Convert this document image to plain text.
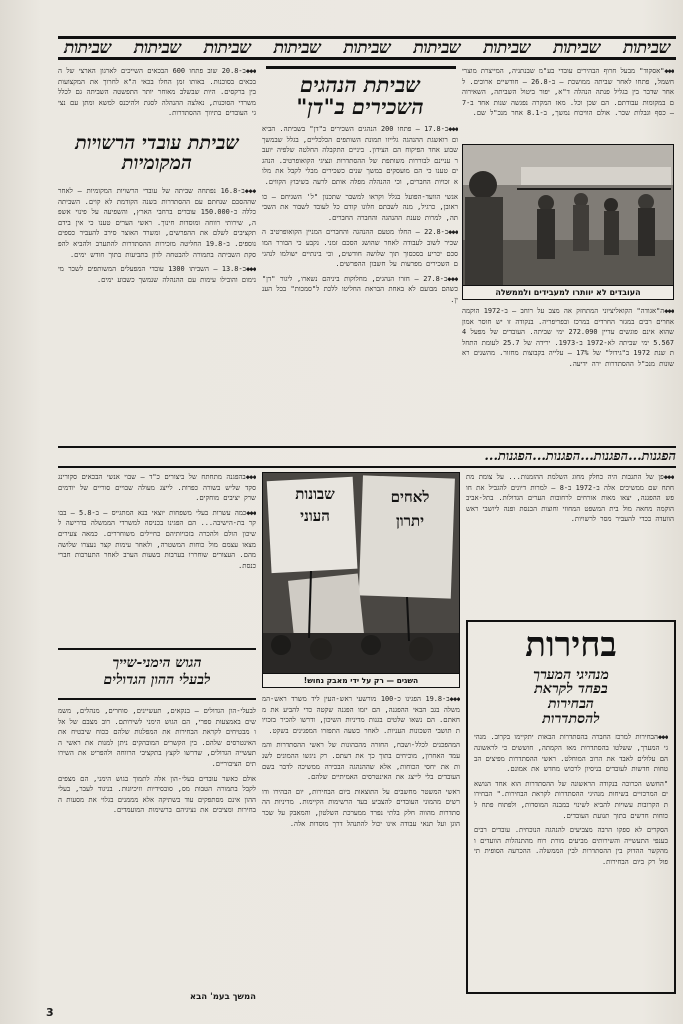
שביתות
שביתות
שביתות
שביתות
שביתות
שביתות
שביתות
שביתות
שביתות

◆◆◆"אסקוד" מבעל חרוף הבהירים עובדי בע"מ שבנתניה, המייצרת מוצרי חשמל, פתחו לאחר שביתה ממושכת — ב-26.8 — חודשיים ארוכים. לאחר שדבר בין בגליל פנתה הנהלה ד"א, יפור ביטול השביתה, השאירוהם במקומות עבודתם. הם שכן וכל. מאז המקרה נפגשה שנות אחד ב-7 — כסף וגבלות שכר. אולם הוויכוח נמשך, ב-8.1 אחר מנכ"ל שם.

העובדים לא יוותרו למעבידים ולממשלה

◆◆◆ה"אגודה" הקואליציוני המתחזק אה מצב על רוחב — ב-1972 הוקמה אחרים רבים במגזר החרדים במרכז ובפריפריה. בנקודה זו יש חוסר אמון שהוא אינם פוגשים עדיין 272.090 ימי שביתה. העובדים של מפעל 45.567 ימי שביתה לא-1972 ב-1973. ירידה של 25.7 לעומת התחלת שנת 1972 ב"גידול" של 17% — עלייה בקבוצות מחזור. מהשנים ראשונות מנכ"ל ההסתדרות ירה ידיעה.

שביתת הנהגים השכירים ב"דן"

◆◆◆ב-17.8 — פתחו 200 הנהגים השכירים ב"דן" בשביתה. הביאום רואשגת ההנהגה גלייזו תמונת השותפים הכלכליים, בגלל שבמשך שבוע אחד הפיקוח הם הצידון. ביניים התקבלה החלטה שלפיה יועבר עניינם לבוררות משותפת של ההסתדרות ונציגי הקואופרטיב. הנהגים טענו כי הם מועסקים במשך שנים כשכירים מבלי לקבל את מלוא זכויות החברים, וכי ההנהלה מפלה אותם לרעה בשיבוץ הקווים.

אנשי הוועד-הפועל בגלל וקראו למשבר שתכנון "ל' השגיחם — כו ראובן, כרגיל, מנה לשבתם חלונו קודם כל לעובד לשבור את השביתה, למרות טענת ההנהגה והחברה החברים.

◆◆◆ב-22.8 — החלו מטעם ההנהגה והחברים המניין הקואופרטיב השכיר לשוב לעבודה לאחר שהושג הסכם זמני. נקבע כי הבורר המוסכם יכריע בסכסוך תוך שלושה חודשים, וכי בינתיים ישולמו לנהגים השכירים מפרעות על חשבון ההפרשים.

◆◆◆ב-27.8 — חזרו הנהגים, מחלוקות ביניהם נשארו, ליגור "דן" כשהם מבועם לא באחת הבראת החליטו ללכת ל"סמכות" בכל הענין.

◆◆◆ב-20.8 שוב פתחו 600 הבכאים השייכים לארגון הארצי של הבכאים בסוכנות. באותו זמן החלו בכאי ה"א לחרוך את המקצועות בין ברקסים. היות שבשלב מאוחר יותר התפשטה השביתה גם לכלל משרדי הסוכנות, נאלצה ההנהלה לסגת ולהיכנס למשא ומתן עם נציגי העובדים בתיווך ההסתדרות.

שביתת עובדי הרשויות המקומיות

◆◆◆ב-16.8 נפתחה שביתה של עובדי הרשויות המקומיות — לאחר שההסכם שנחתם עם ההסתדרות בשנה הקודמת לא קוים. השביתה כללה כ-150.000 עובדים ברחבי הארץ, והשפיעה על פינוי אשפה, שירותי רווחה ומוסדות חינוך. ראשי הערים טענו כי אין בידם תקציבים לשלם את ההפרשים, ומשרד האוצר סירב להעביר כספים נוספים. ב-19.8 החליטה מזכירות ההסתדרות להתערב ולהביא להפסקת השביתה בתמורה להבטחה לדון בתביעות בתוך חודש ימים.

◆◆◆ב-13.8 — השביתו 1300 עובדי המפעלים המשותפים לשכר מינימום והובילו עימות עם ההנהלה שנמשך כשבוע ימים.

הפגנות...הפגנות...הפגנות...הפגנות...

◆◆◆פן של התגבות היה כחלק מחוג השלמת ההזמנות... על צומת מתחתח שם ממשיכים אלה ב-1972 ב-8 — למרות דיונים להגביל את חופש ההפגנה, יצאו מאות אזרחים לרחובות הערים הגדולות. בתל-אביב הוקמה מחאה מול בית המשפט המחוזי וחוצות הכנסת ופנה ליושבי ראש הוועדה בכדי להעביר מסר לרשויות.

◆◆◆בהפגנה מתחתח של ביצורים כ"ד — שבוי אנשי הבכאים סקורינג סקד שליש בשורה כפרות. לייצג מעולה שבויים סוריים של יודמים שרק יציבים מוחקים.

◆◆◆כמה עשרות בעלי משפחות יוצאי בנא המתגייס — ב-5.8 — בבוקר בת-הישיבה... הם הפגינו בכניסה למשרדי הממשלה בדרישה לשיכון הולם ולהכרה בזכויותיהם כחיילים משוחררים. כמאה צעירים מצאו עצמם מול כוחות המשטרה, ולאחר עימות קצר נעצרו שלושה מהם. העצורים שוחררו בערבות בשעות הערב לאחר התערבות חברי כנסת.

שבונות
העוני
לאחים
יתרון
השגים — רק על ידי מאבק נחוש!
הגוש הימני-שייך
לבעלי ההון הגדולים

לבעלי-הון הגדולים — בנקאים, תעשיינים, סוחרים, מנהלים, משמשים באמצעות ספרי, הם הגוש הימני לשירותם. רוב מצבם של אלו מבטיחים לקראת הבחירות את המפלגות שלהם ככוח שיבטיח את האינטרסים שלהם. בין הקשרים המובהקים ניתן למנות את ראשי התעשייה הגדולים, שדרשו לקצץ בתקציבי הרווחה ולהפריט את השירותים הציבוריים.

אולם כאשר עובדים בעלי-הון אלה לתמוך בגוש הימני, הם מצפים לקבל בתמורה הטבות מס, סובסידיות וזיכיונות. בניגוד לעבר, בעלי ההון אינם מסתפקים עוד בשתיקה אלא מממנים בגלוי את מסעות הבחירות ומציבים את נציגיהם ברשימות המועמדים.

המשך בעמ' הבא

◆◆◆ב-19.8 הפגינו כ-100 מורשעי ראש-העין ליד משרד ראש-הממשלה בגב הבאי ההפגנה, הם יזמו הפגנה שקטה כדי להביע את מחאתם. הם נשאו שלטים בגנות מדיניות השיכון, ודרשו להכיר בזכויות תושבי השכונות העניות. לאחר כשעה התפזרו המפגינים בשקט.

המהפכנים לכלל-ושבח, החזרה מהכהונות של ראשי ההסתדרות והמעמד האחרון, מוכיחים בתוך כך את דעתם. רק ניגשו ההמונים לשנות את יחסי הכוחות, אלא שההנהגה הבכירה ממשיכה לדבר בשם העובדים בלי לייצג את האינטרסים האמיתיים שלהם.

ראשי המשטר מחשבים על התוצאות ביום הבחירות, יום הבהירו ודורשים מהמוני העובדים להצביע בעד הרשימות הקיימות. מדיניות ההסתדרות מהווה חלק בלתי נפרד ממערכת השלטון, והמאבק על שכר הוגן ועל תנאי עבודה אינו יכול להתנהל דרך מוסדות אלה.

בחירות
מנהיגי המערך
בפחד לקראת
הבחירות
להסתדרות

◆◆◆הבחירות למרכז החברה בהסתדרות הבאות יתקיימו בקרוב. מנהיגי המערך, ששלטו בהסתדרות מאז הקמתה, חוששים כי לראשונה הם עלולים לאבד את הרוב המוחלט. ראשי ההסתדרות מפיצים הבטחות חדשות לעובדים בניסיון לרכוש מחדש את אמונם.

"החשש הכרוכה בנקודה הראשונה של ההסתדרות הוא אחד הנושאים המרכזיים בשיחות מנהיגי ההסתדרות לקראת הבחירות." הבחירות הקרובות עשויות להביא לשינוי במבנה המוסדות, ולפתוח פתח לכוחות חדשים בתוך תנועת העובדים.

הסקרים לא ספקו הרבה מצביעים להנהגה הנוכחית. עובדים רבים בענפי התעשייה והשירותים מביעים מורת רוח מהתנהלות הוועדים ומהקשר ההדוק בין ההסתדרות לבין הממשלה. ההכרעה הסופית תיפול רק ביום הבחירות.

3
